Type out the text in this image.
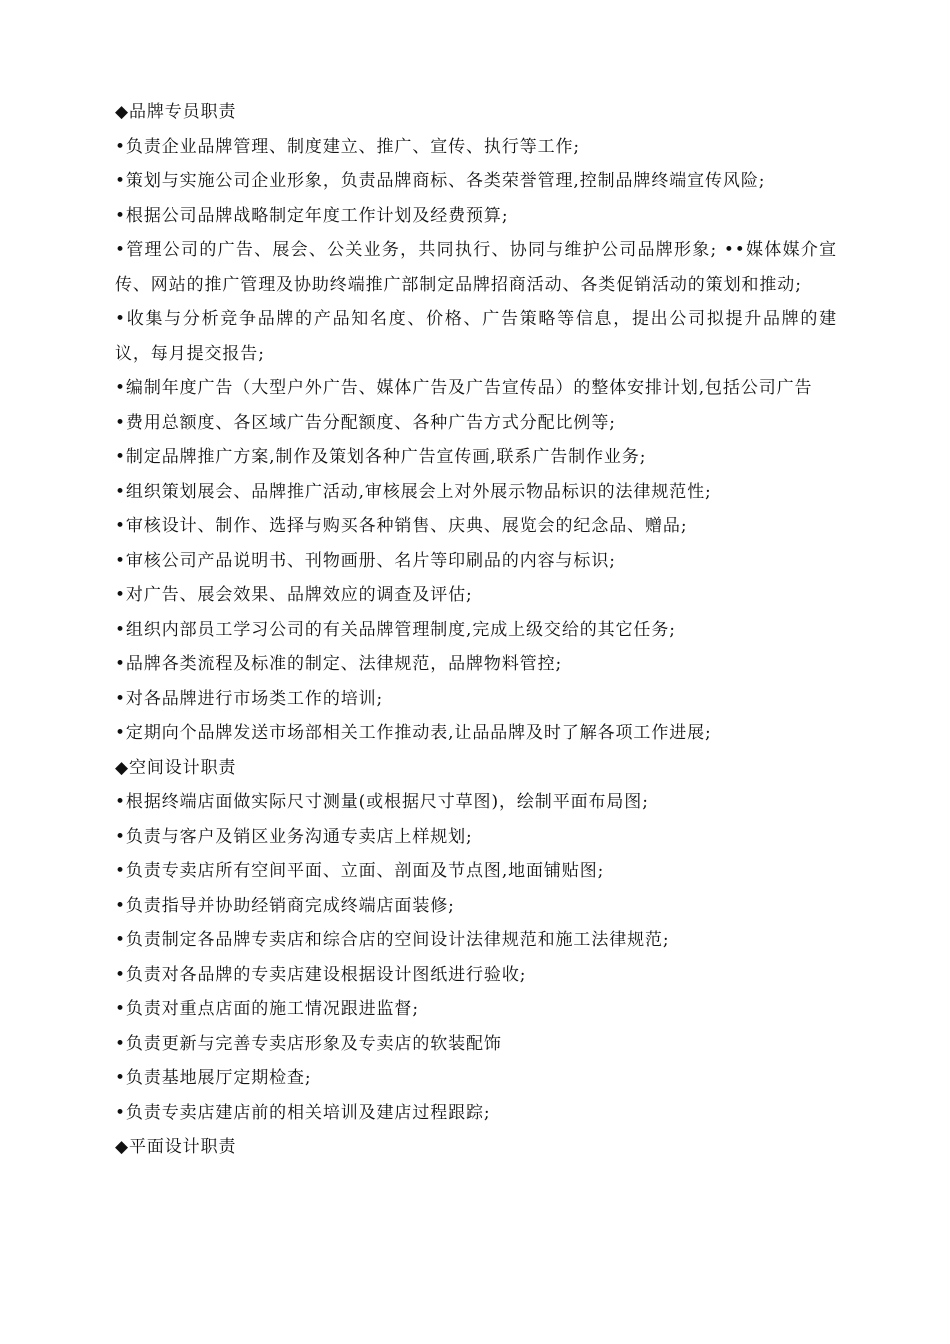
◆品牌专员职责

•负责企业品牌管理、制度建立、推广、宣传、执行等工作;

•策划与实施公司企业形象，负责品牌商标、各类荣誉管理,控制品牌终端宣传风险;

•根据公司品牌战略制定年度工作计划及经费预算;

•管理公司的广告、展会、公关业务，共同执行、协同与维护公司品牌形象; ••媒体媒介宣传、网站的推广管理及协助终端推广部制定品牌招商活动、各类促销活动的策划和推动;

•收集与分析竞争品牌的产品知名度、价格、广告策略等信息，提出公司拟提升品牌的建议，每月提交报告;

•编制年度广告（大型户外广告、媒体广告及广告宣传品）的整体安排计划,包括公司广告

•费用总额度、各区域广告分配额度、各种广告方式分配比例等;

•制定品牌推广方案,制作及策划各种广告宣传画,联系广告制作业务;

•组织策划展会、品牌推广活动,审核展会上对外展示物品标识的法律规范性;

•审核设计、制作、选择与购买各种销售、庆典、展览会的纪念品、赠品;

•审核公司产品说明书、刊物画册、名片等印刷品的内容与标识;

•对广告、展会效果、品牌效应的调查及评估;

•组织内部员工学习公司的有关品牌管理制度,完成上级交给的其它任务;

•品牌各类流程及标准的制定、法律规范，品牌物料管控;

•对各品牌进行市场类工作的培训;

•定期向个品牌发送市场部相关工作推动表,让品品牌及时了解各项工作进展;

◆空间设计职责

•根据终端店面做实际尺寸测量(或根据尺寸草图)，绘制平面布局图;

•负责与客户及销区业务沟通专卖店上样规划;

•负责专卖店所有空间平面、立面、剖面及节点图,地面铺贴图;

•负责指导并协助经销商完成终端店面装修;

•负责制定各品牌专卖店和综合店的空间设计法律规范和施工法律规范;

•负责对各品牌的专卖店建设根据设计图纸进行验收;

•负责对重点店面的施工情况跟进监督;

•负责更新与完善专卖店形象及专卖店的软装配饰

•负责基地展厅定期检查;

•负责专卖店建店前的相关培训及建店过程跟踪;

◆平面设计职责
